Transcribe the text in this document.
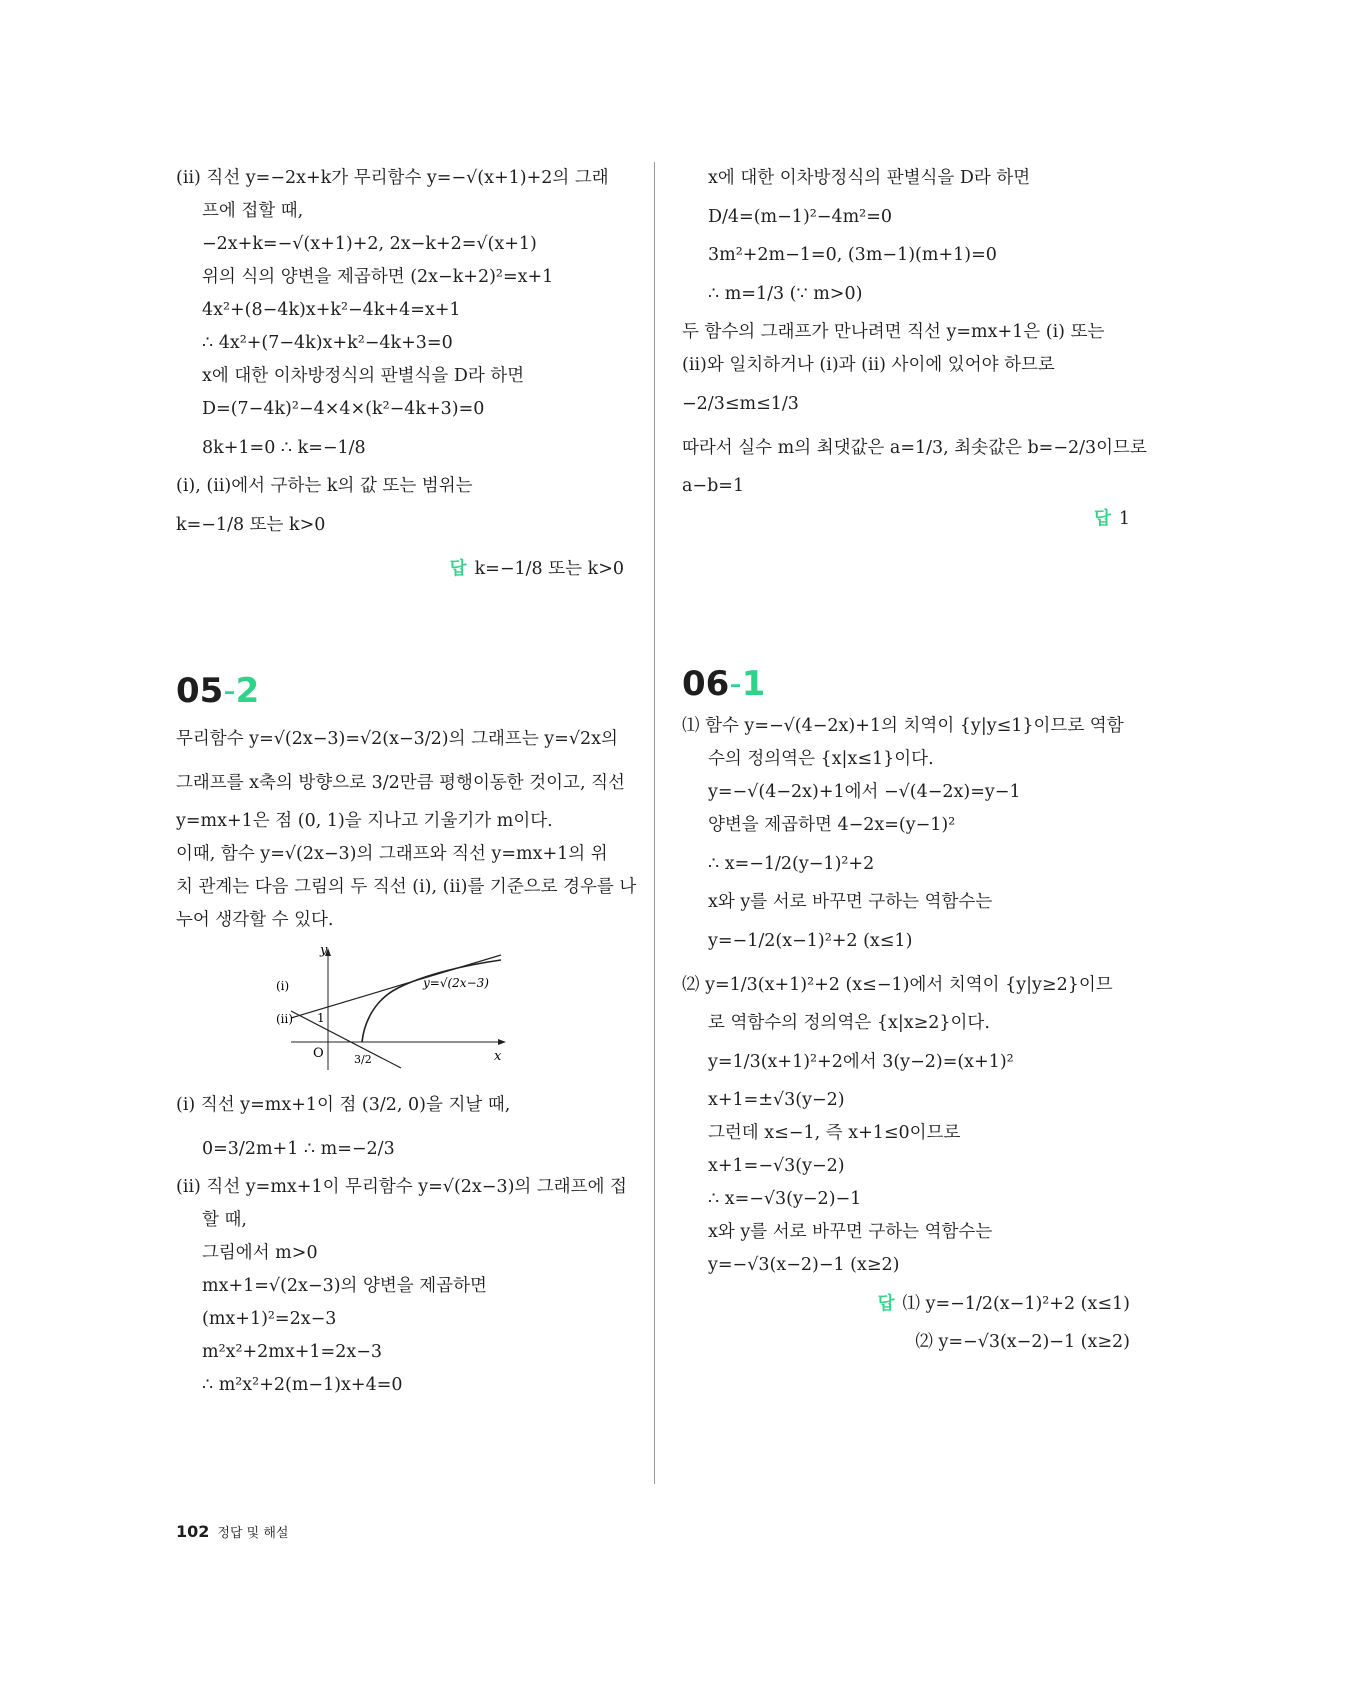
(ⅱ) 직선 y=−2x+k가 무리함수 y=−√(x+1)+2의 그래
프에 접할 때,
−2x+k=−√(x+1)+2, 2x−k+2=√(x+1)
위의 식의 양변을 제곱하면 (2x−k+2)²=x+1
4x²+(8−4k)x+k²−4k+4=x+1
∴ 4x²+(7−4k)x+k²−4k+3=0
x에 대한 이차방정식의 판별식을 D라 하면
D=(7−4k)²−4×4×(k²−4k+3)=0
8k+1=0 ∴ k=−1/8
(ⅰ), (ⅱ)에서 구하는 k의 값 또는 범위는
k=−1/8 또는 k>0
답 k=−1/8 또는 k>0
05-2
무리함수 y=√(2x−3)=√2(x−3/2)의 그래프는 y=√2x의
그래프를 x축의 방향으로 3/2만큼 평행이동한 것이고, 직선
y=mx+1은 점 (0, 1)을 지나고 기울기가 m이다.
이때, 함수 y=√(2x−3)의 그래프와 직선 y=mx+1의 위
치 관계는 다음 그림의 두 직선 (ⅰ), (ⅱ)를 기준으로 경우를 나
누어 생각할 수 있다.
y
x
O
1
3/2
y=√(2x−3)
(ⅰ)
(ⅱ)
(ⅰ) 직선 y=mx+1이 점 (3/2, 0)을 지날 때,
0=3/2m+1 ∴ m=−2/3
(ⅱ) 직선 y=mx+1이 무리함수 y=√(2x−3)의 그래프에 접
할 때,
그림에서 m>0
mx+1=√(2x−3)의 양변을 제곱하면
(mx+1)²=2x−3
m²x²+2mx+1=2x−3
∴ m²x²+2(m−1)x+4=0
x에 대한 이차방정식의 판별식을 D라 하면
D/4=(m−1)²−4m²=0
3m²+2m−1=0, (3m−1)(m+1)=0
∴ m=1/3 (∵ m>0)
두 함수의 그래프가 만나려면 직선 y=mx+1은 (ⅰ) 또는
(ⅱ)와 일치하거나 (ⅰ)과 (ⅱ) 사이에 있어야 하므로
−2/3≤m≤1/3
따라서 실수 m의 최댓값은 a=1/3, 최솟값은 b=−2/3이므로
a−b=1
답 1
06-1
⑴ 함수 y=−√(4−2x)+1의 치역이 {y|y≤1}이므로 역함
수의 정의역은 {x|x≤1}이다.
y=−√(4−2x)+1에서 −√(4−2x)=y−1
양변을 제곱하면 4−2x=(y−1)²
∴ x=−1/2(y−1)²+2
x와 y를 서로 바꾸면 구하는 역함수는
y=−1/2(x−1)²+2 (x≤1)
⑵ y=1/3(x+1)²+2 (x≤−1)에서 치역이 {y|y≥2}이므
로 역함수의 정의역은 {x|x≥2}이다.
y=1/3(x+1)²+2에서 3(y−2)=(x+1)²
x+1=±√3(y−2)
그런데 x≤−1, 즉 x+1≤0이므로
x+1=−√3(y−2)
∴ x=−√3(y−2)−1
x와 y를 서로 바꾸면 구하는 역함수는
y=−√3(x−2)−1 (x≥2)
답 ⑴ y=−1/2(x−1)²+2 (x≤1)
⑵ y=−√3(x−2)−1 (x≥2)
102 정답 및 해설
